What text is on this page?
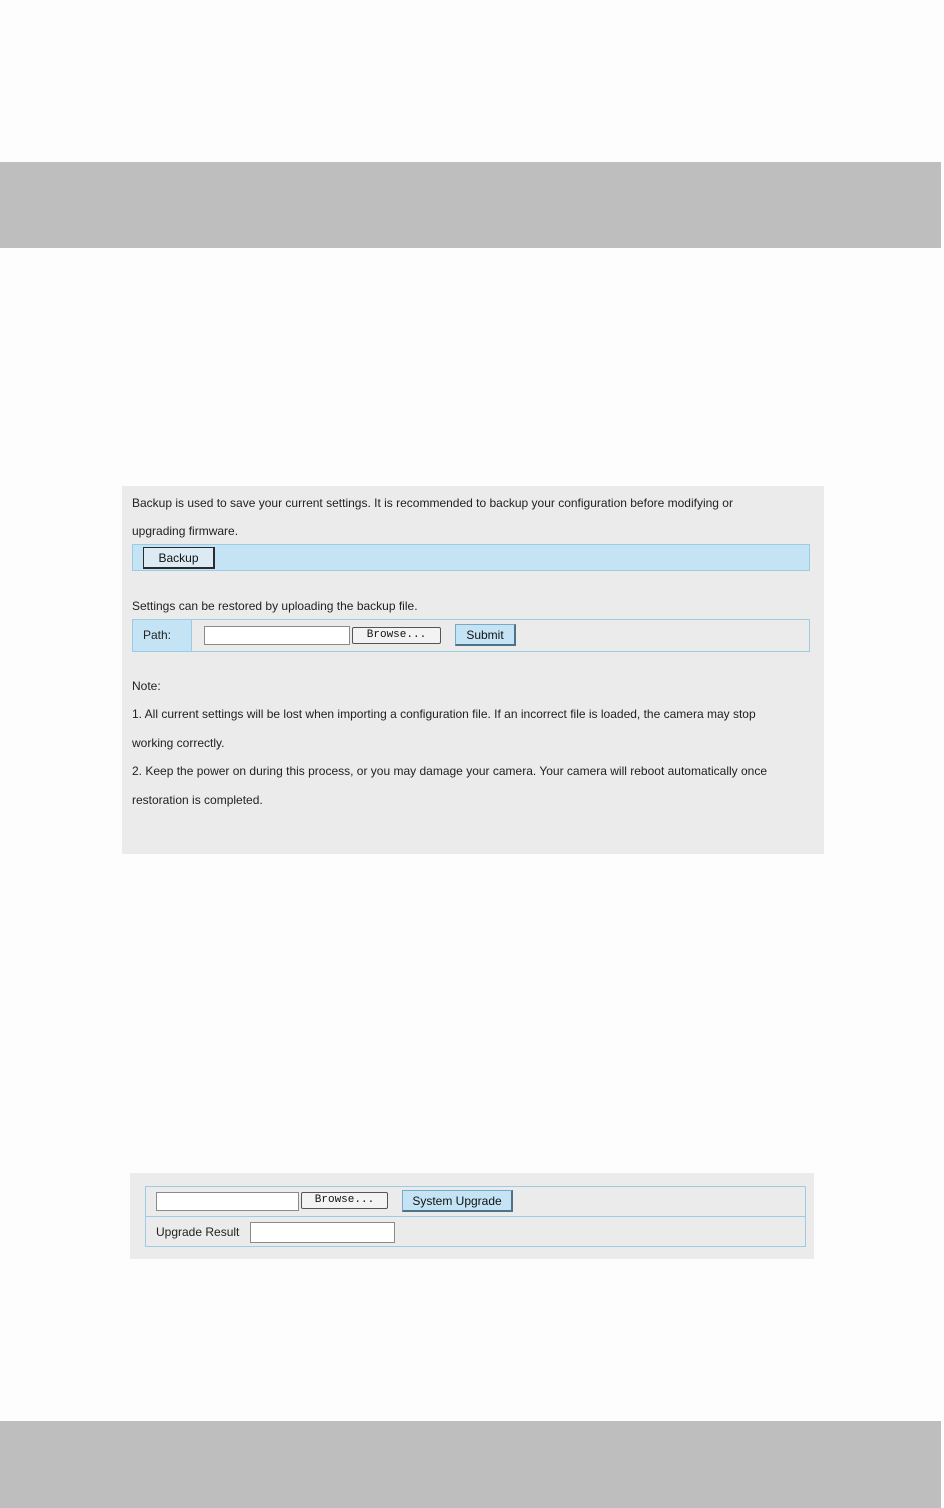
Backup is used to save your current settings. It is recommended to backup your configuration before modifying or
upgrading firmware.
Backup
Settings can be restored by uploading the backup file.
Path:	Browse...	Submit
Note:
1. All current settings will be lost when importing a configuration file. If an incorrect file is loaded, the camera may stop
working correctly.
2. Keep the power on during this process, or you may damage your camera. Your camera will reboot automatically once
restoration is completed.
Browse...	System Upgrade
Upgrade Result
